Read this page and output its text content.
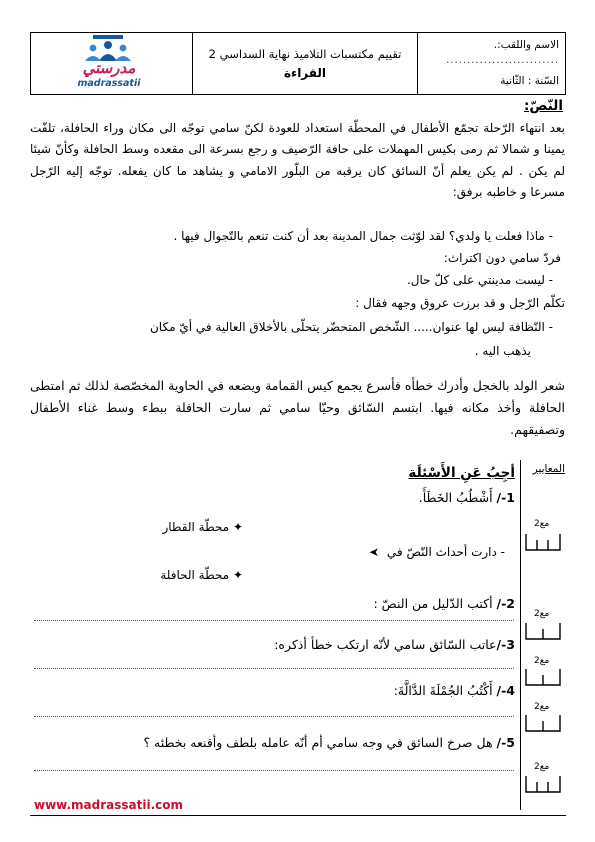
الاسم واللقب:.
...........................
السّنة : الثّانية
تقييم مكتسبات التلاميذ نهاية السداسي 2
القراءة
مدرستي
madrassatii
النّصّ:
بعد انتهاء الرّحلة تجمّع الأطفال في المحطّة استعداد للعودة لكنّ سامي توجّه الى مكان وراء الحافلة، تلفّت يمينا و شمالا ثم رمى بكيس المهملات على حافة الرّصيف و رجع بسرعة الى مقعده وسط الحافلة وكأنّ شيئا لم يكن . لم يكن يعلم أنّ السائق كان يرقبه من البلّور الامامي و يشاهد ما كان يفعله. توجّه إليه الرّجل مسرعا و خاطبه برفق:
- ماذا فعلت يا ولدي؟ لقد لوّثت جمال المدينة بعد أن كنت تنعم بالتّجوال فيها .
فردّ سامي دون اكتراث:
- ليست مدينتي على كلّ حال.
تكلّم الرّجل و قد برزت عروق وجهه فقال :
- النّظافة ليس لها عنوان..... الشّخص المتحضّر يتحلّى بالأخلاق العالية في أيّ مكان
يذهب اليه .
شعر الولد بالخجل وأدرك خطأه فأسرع يجمع كيس القمامة ويضعه في الحاوية المخصّصة لذلك ثم امتطى الحافلة وأخذ مكانه فيها. ابتسم السّائق وحيّا سامي ثم سارت الحافلة ببطء وسط غناء الأطفال وتصفيقهم.
المعايير
أجِبُ عَنِ الأَسْئلَة
1-/ أَشْطُبُ الخَطَأَ.
✦ محطّة القطار
- دارت أحداث النّصّ في ➤
✦ محطّة الحافلة
2-/ أكتب الدّليل من النصّ :
3-/عاتب السّائق سامي لأنّه ارتكب خطأ أذكره:
4-/ أَكْتُبُ الجُمْلَةَ الدَّالَّةَ:
5-/ هل صرخ السائق في وجه سامي أم أنّه عامله بلطف وأقنعه بخطئه ؟
مع2
مع2
مع2
مع2
مع2
www.madrassatii.com
